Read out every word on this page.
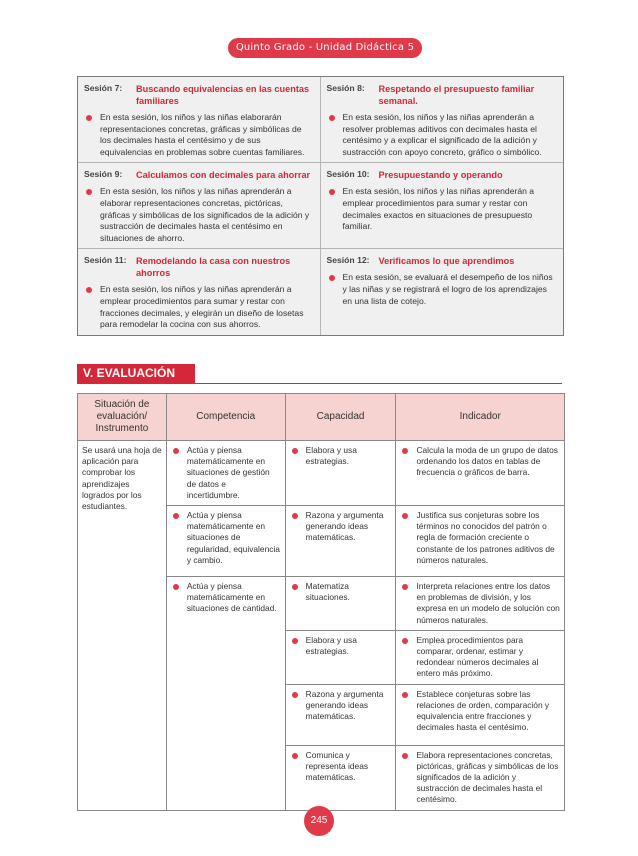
Quinto Grado - Unidad Didáctica 5
Sesión 7:	Buscando equivalencias en las cuentas familiares
En esta sesión, los niños y las niñas elaborarán representaciones concretas, gráficas y simbólicas de los decimales hasta el centésimo y de sus equivalencias en problemas sobre cuentas familiares.
Sesión 8:	Respetando el presupuesto familiar semanal.
En esta sesión, los niños y las niñas aprenderán a resolver problemas aditivos con decimales hasta el centésimo y a explicar el significado de la adición y sustracción con apoyo concreto, gráfico o simbólico.
Sesión 9:	Calculamos con decimales para ahorrar
En esta sesión, los niños y las niñas aprenderán a elaborar representaciones concretas, pictóricas, gráficas y simbólicas de los significados de la adición y sustracción de decimales hasta el centésimo en situaciones de ahorro.
Sesión 10: Presupuestando y operando
En esta sesión, los niños y las niñas aprenderán a emplear procedimientos para sumar y restar con decimales exactos en situaciones de presupuesto familiar.
Sesión 11:	Remodelando la casa con nuestros ahorros
En esta sesión, los niños y las niñas aprenderán a emplear procedimientos para sumar y restar con fracciones decimales, y elegirán un diseño de losetas para remodelar la cocina con sus ahorros.
Sesión 12: Verificamos lo que aprendimos
En esta sesión, se evaluará el desempeño de los niños y las niñas y se registrará el logro de los aprendizajes en una lista de cotejo.
V. EVALUACIÓN
Situación de evaluación/ Instrumento	Competencia	Capacidad	Indicador
Se usará una hoja de aplicación para comprobar los aprendizajes logrados por los estudiantes.	Actúa y piensa matemáticamente en situaciones de gestión de datos e incertidumbre.	Elabora y usa estrategias.	Calcula la moda de un grupo de datos ordenando los datos en tablas de frecuencia o gráficos de barra.

	Actúa y piensa matemáticamente en situaciones de regularidad, equivalencia y cambio.	Razona y argumenta generando ideas matemáticas.	Justifica sus conjeturas sobre los términos no conocidos del patrón o regla de formación creciente o constante de los patrones aditivos de números naturales.

	Actúa y piensa matemáticamente en situaciones de cantidad.	Matematiza situaciones.	Interpreta relaciones entre los datos en problemas de división, y los expresa en un modelo de solución con números naturales.

		Elabora y usa estrategias.	Emplea procedimientos para comparar, ordenar, estimar y redondear números decimales al entero más próximo.

		Razona y argumenta generando ideas matemáticas.	Establece conjeturas sobre las relaciones de orden, comparación y equivalencia entre fracciones y decimales hasta el centésimo.

		Comunica y representa ideas matemáticas.	Elabora representaciones concretas, pictóricas, gráficas y simbólicas de los significados de la adición y sustracción de decimales hasta el centésimo.
245
